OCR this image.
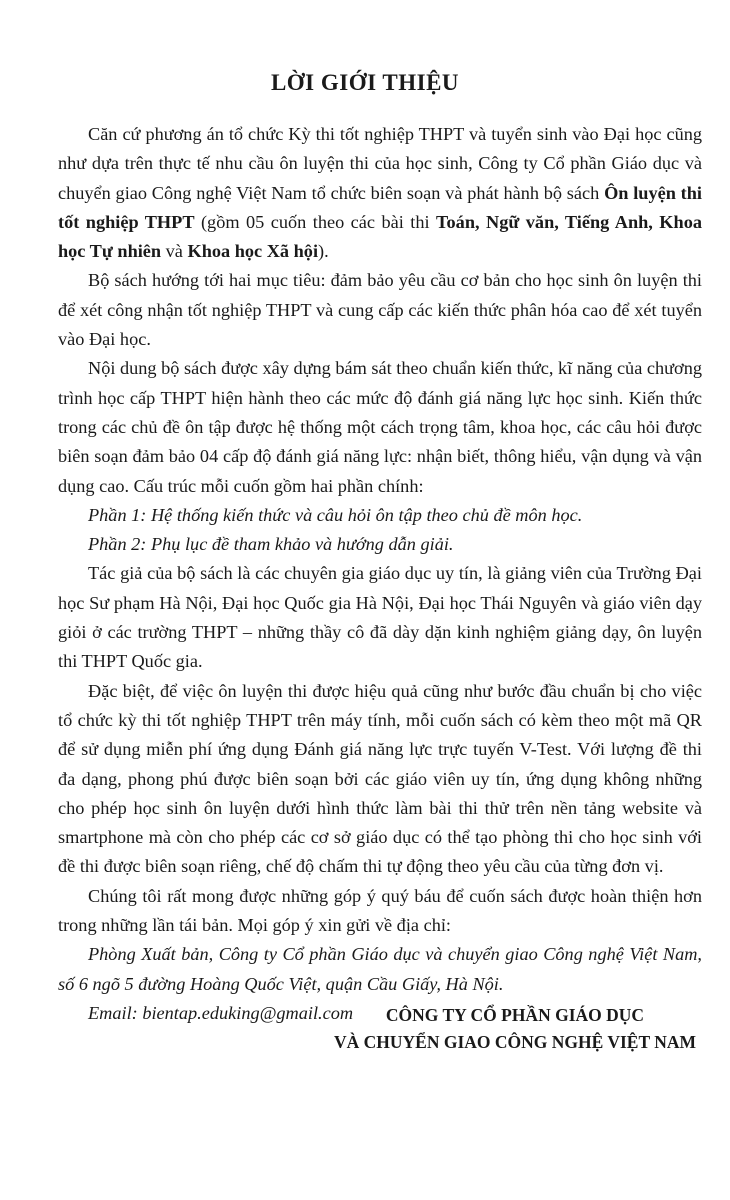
LỜI GIỚI THIỆU

Căn cứ phương án tổ chức Kỳ thi tốt nghiệp THPT và tuyển sinh vào Đại học cũng như dựa trên thực tế nhu cầu ôn luyện thi của học sinh, Công ty Cổ phần Giáo dục và chuyển giao Công nghệ Việt Nam tổ chức biên soạn và phát hành bộ sách Ôn luyện thi tốt nghiệp THPT (gồm 05 cuốn theo các bài thi Toán, Ngữ văn, Tiếng Anh, Khoa học Tự nhiên và Khoa học Xã hội).

Bộ sách hướng tới hai mục tiêu: đảm bảo yêu cầu cơ bản cho học sinh ôn luyện thi để xét công nhận tốt nghiệp THPT và cung cấp các kiến thức phân hóa cao để xét tuyển vào Đại học.

Nội dung bộ sách được xây dựng bám sát theo chuẩn kiến thức, kĩ năng của chương trình học cấp THPT hiện hành theo các mức độ đánh giá năng lực học sinh. Kiến thức trong các chủ đề ôn tập được hệ thống một cách trọng tâm, khoa học, các câu hỏi được biên soạn đảm bảo 04 cấp độ đánh giá năng lực: nhận biết, thông hiểu, vận dụng và vận dụng cao. Cấu trúc mỗi cuốn gồm hai phần chính:

Phần 1: Hệ thống kiến thức và câu hỏi ôn tập theo chủ đề môn học.

Phần 2: Phụ lục đề tham khảo và hướng dẫn giải.

Tác giả của bộ sách là các chuyên gia giáo dục uy tín, là giảng viên của Trường Đại học Sư phạm Hà Nội, Đại học Quốc gia Hà Nội, Đại học Thái Nguyên và giáo viên dạy giỏi ở các trường THPT – những thầy cô đã dày dặn kinh nghiệm giảng dạy, ôn luyện thi THPT Quốc gia.

Đặc biệt, để việc ôn luyện thi được hiệu quả cũng như bước đầu chuẩn bị cho việc tổ chức kỳ thi tốt nghiệp THPT trên máy tính, mỗi cuốn sách có kèm theo một mã QR để sử dụng miễn phí ứng dụng Đánh giá năng lực trực tuyến V-Test. Với lượng đề thi đa dạng, phong phú được biên soạn bởi các giáo viên uy tín, ứng dụng không những cho phép học sinh ôn luyện dưới hình thức làm bài thi thử trên nền tảng website và smartphone mà còn cho phép các cơ sở giáo dục có thể tạo phòng thi cho học sinh với đề thi được biên soạn riêng, chế độ chấm thi tự động theo yêu cầu của từng đơn vị.

Chúng tôi rất mong được những góp ý quý báu để cuốn sách được hoàn thiện hơn trong những lần tái bản. Mọi góp ý xin gửi về địa chỉ:

Phòng Xuất bản, Công ty Cổ phần Giáo dục và chuyển giao Công nghệ Việt Nam, số 6 ngõ 5 đường Hoàng Quốc Việt, quận Cầu Giấy, Hà Nội.

Email: bientap.eduking@gmail.com	CÔNG TY CỔ PHẦN GIÁO DỤC
VÀ CHUYỂN GIAO CÔNG NGHỆ VIỆT NAM
